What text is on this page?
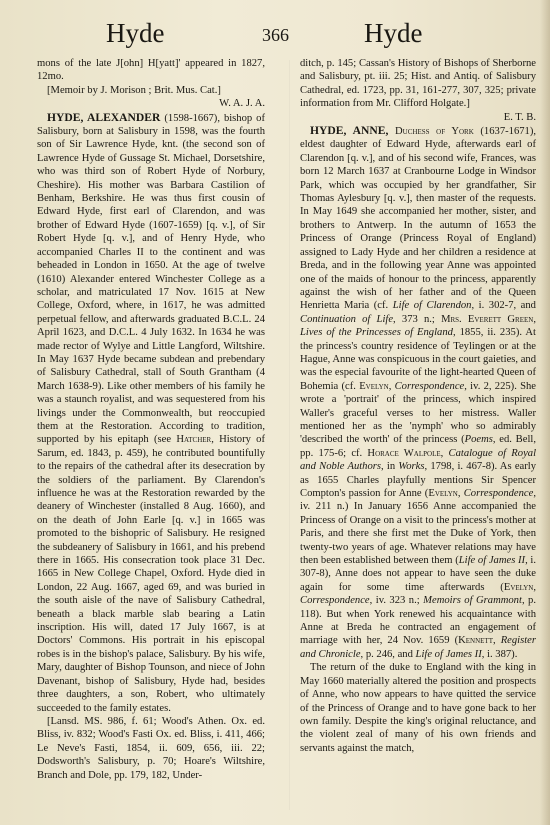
Hyde	366	Hyde

mons of the late J[ohn] H[yatt]' appeared in 1827, 12mo.

[Memoir by J. Morison ; Brit. Mus. Cat.]

W. A. J. A.

HYDE, ALEXANDER (1598-1667), bishop of Salisbury, born at Salisbury in 1598, was the fourth son of Sir Lawrence Hyde, knt. (the second son of Lawrence Hyde of Gussage St. Michael, Dorsetshire, who was third son of Robert Hyde of Norbury, Cheshire). His mother was Barbara Castilion of Benham, Berkshire. He was thus first cousin of Edward Hyde, first earl of Clarendon, and was brother of Edward Hyde (1607-1659) [q. v.], of Sir Robert Hyde [q. v.], and of Henry Hyde, who accompanied Charles II to the continent and was beheaded in London in 1650. At the age of twelve (1610) Alexander entered Winchester College as a scholar, and matriculated 17 Nov. 1615 at New College, Oxford, where, in 1617, he was admitted perpetual fellow, and afterwards graduated B.C.L. 24 April 1623, and D.C.L. 4 July 1632. In 1634 he was made rector of Wylye and Little Langford, Wiltshire. In May 1637 Hyde became subdean and prebendary of Salisbury Cathedral, stall of South Grantham (4 March 1638-9). Like other members of his family he was a staunch royalist, and was sequestered from his livings under the Commonwealth, but reoccupied them at the Restoration. According to tradition, supported by his epitaph (see Hatcher, History of Sarum, ed. 1843, p. 459), he contributed bountifully to the repairs of the cathedral after its desecration by the soldiers of the parliament. By Clarendon's influence he was at the Restoration rewarded by the deanery of Winchester (installed 8 Aug. 1660), and on the death of John Earle [q. v.] in 1665 was promoted to the bishopric of Salisbury. He resigned the subdeanery of Salisbury in 1661, and his prebend there in 1665. His consecration took place 31 Dec. 1665 in New College Chapel, Oxford. Hyde died in London, 22 Aug. 1667, aged 69, and was buried in the south aisle of the nave of Salisbury Cathedral, beneath a black marble slab bearing a Latin inscription. His will, dated 17 July 1667, is at Doctors' Commons. His portrait in his episcopal robes is in the bishop's palace, Salisbury. By his wife, Mary, daughter of Bishop Tounson, and niece of John Davenant, bishop of Salisbury, Hyde had, besides three daughters, a son, Robert, who ultimately succeeded to the family estates.

[Lansd. MS. 986, f. 61; Wood's Athen. Ox. ed. Bliss, iv. 832; Wood's Fasti Ox. ed. Bliss, i. 411, 466; Le Neve's Fasti, 1854, ii. 609, 656, iii. 22; Dodsworth's Salisbury, p. 70; Hoare's Wiltshire, Branch and Dole, pp. 179, 182, Under-

ditch, p. 145; Cassan's History of Bishops of Sherborne and Salisbury, pt. iii. 25; Hist. and Antiq. of Salisbury Cathedral, ed. 1723, pp. 31, 161-277, 307, 325; private information from Mr. Clifford Holgate.]

E. T. B.

HYDE, ANNE, Duchess of York (1637-1671), eldest daughter of Edward Hyde, afterwards earl of Clarendon [q. v.], and of his second wife, Frances, was born 12 March 1637 at Cranbourne Lodge in Windsor Park, which was occupied by her grandfather, Sir Thomas Aylesbury [q. v.], then master of the requests. In May 1649 she accompanied her mother, sister, and brothers to Antwerp. In the autumn of 1653 the Princess of Orange (Princess Royal of England) assigned to Lady Hyde and her children a residence at Breda, and in the following year Anne was appointed one of the maids of honour to the princess, apparently against the wish of her father and of the Queen Henrietta Maria (cf. Life of Clarendon, i. 302-7, and Continuation of Life, 373 n.; Mrs. Everett Green, Lives of the Princesses of England, 1855, ii. 235). At the princess's country residence of Teylingen or at the Hague, Anne was conspicuous in the court gaieties, and was the especial favourite of the light-hearted Queen of Bohemia (cf. Evelyn, Correspondence, iv. 2, 225). She wrote a 'portrait' of the princess, which inspired Waller's graceful verses to her mistress. Waller mentioned her as the 'nymph' who so admirably 'described the worth' of the princess (Poems, ed. Bell, pp. 175-6; cf. Horace Walpole, Catalogue of Royal and Noble Authors, in Works, 1798, i. 467-8). As early as 1655 Charles playfully mentions Sir Spencer Compton's passion for Anne (Evelyn, Correspondence, iv. 211 n.) In January 1656 Anne accompanied the Princess of Orange on a visit to the princess's mother at Paris, and there she first met the Duke of York, then twenty-two years of age. Whatever relations may have then been established between them (Life of James II, i. 307-8), Anne does not appear to have seen the duke again for some time afterwards (Evelyn, Correspondence, iv. 323 n.; Memoirs of Grammont, p. 118). But when York renewed his acquaintance with Anne at Breda he contracted an engagement of marriage with her, 24 Nov. 1659 (Kennett, Register and Chronicle, p. 246, and Life of James II, i. 387).

The return of the duke to England with the king in May 1660 materially altered the position and prospects of Anne, who now appears to have quitted the service of the Princess of Orange and to have gone back to her own family. Despite the king's original reluctance, and the violent zeal of many of his own friends and servants against the match,
